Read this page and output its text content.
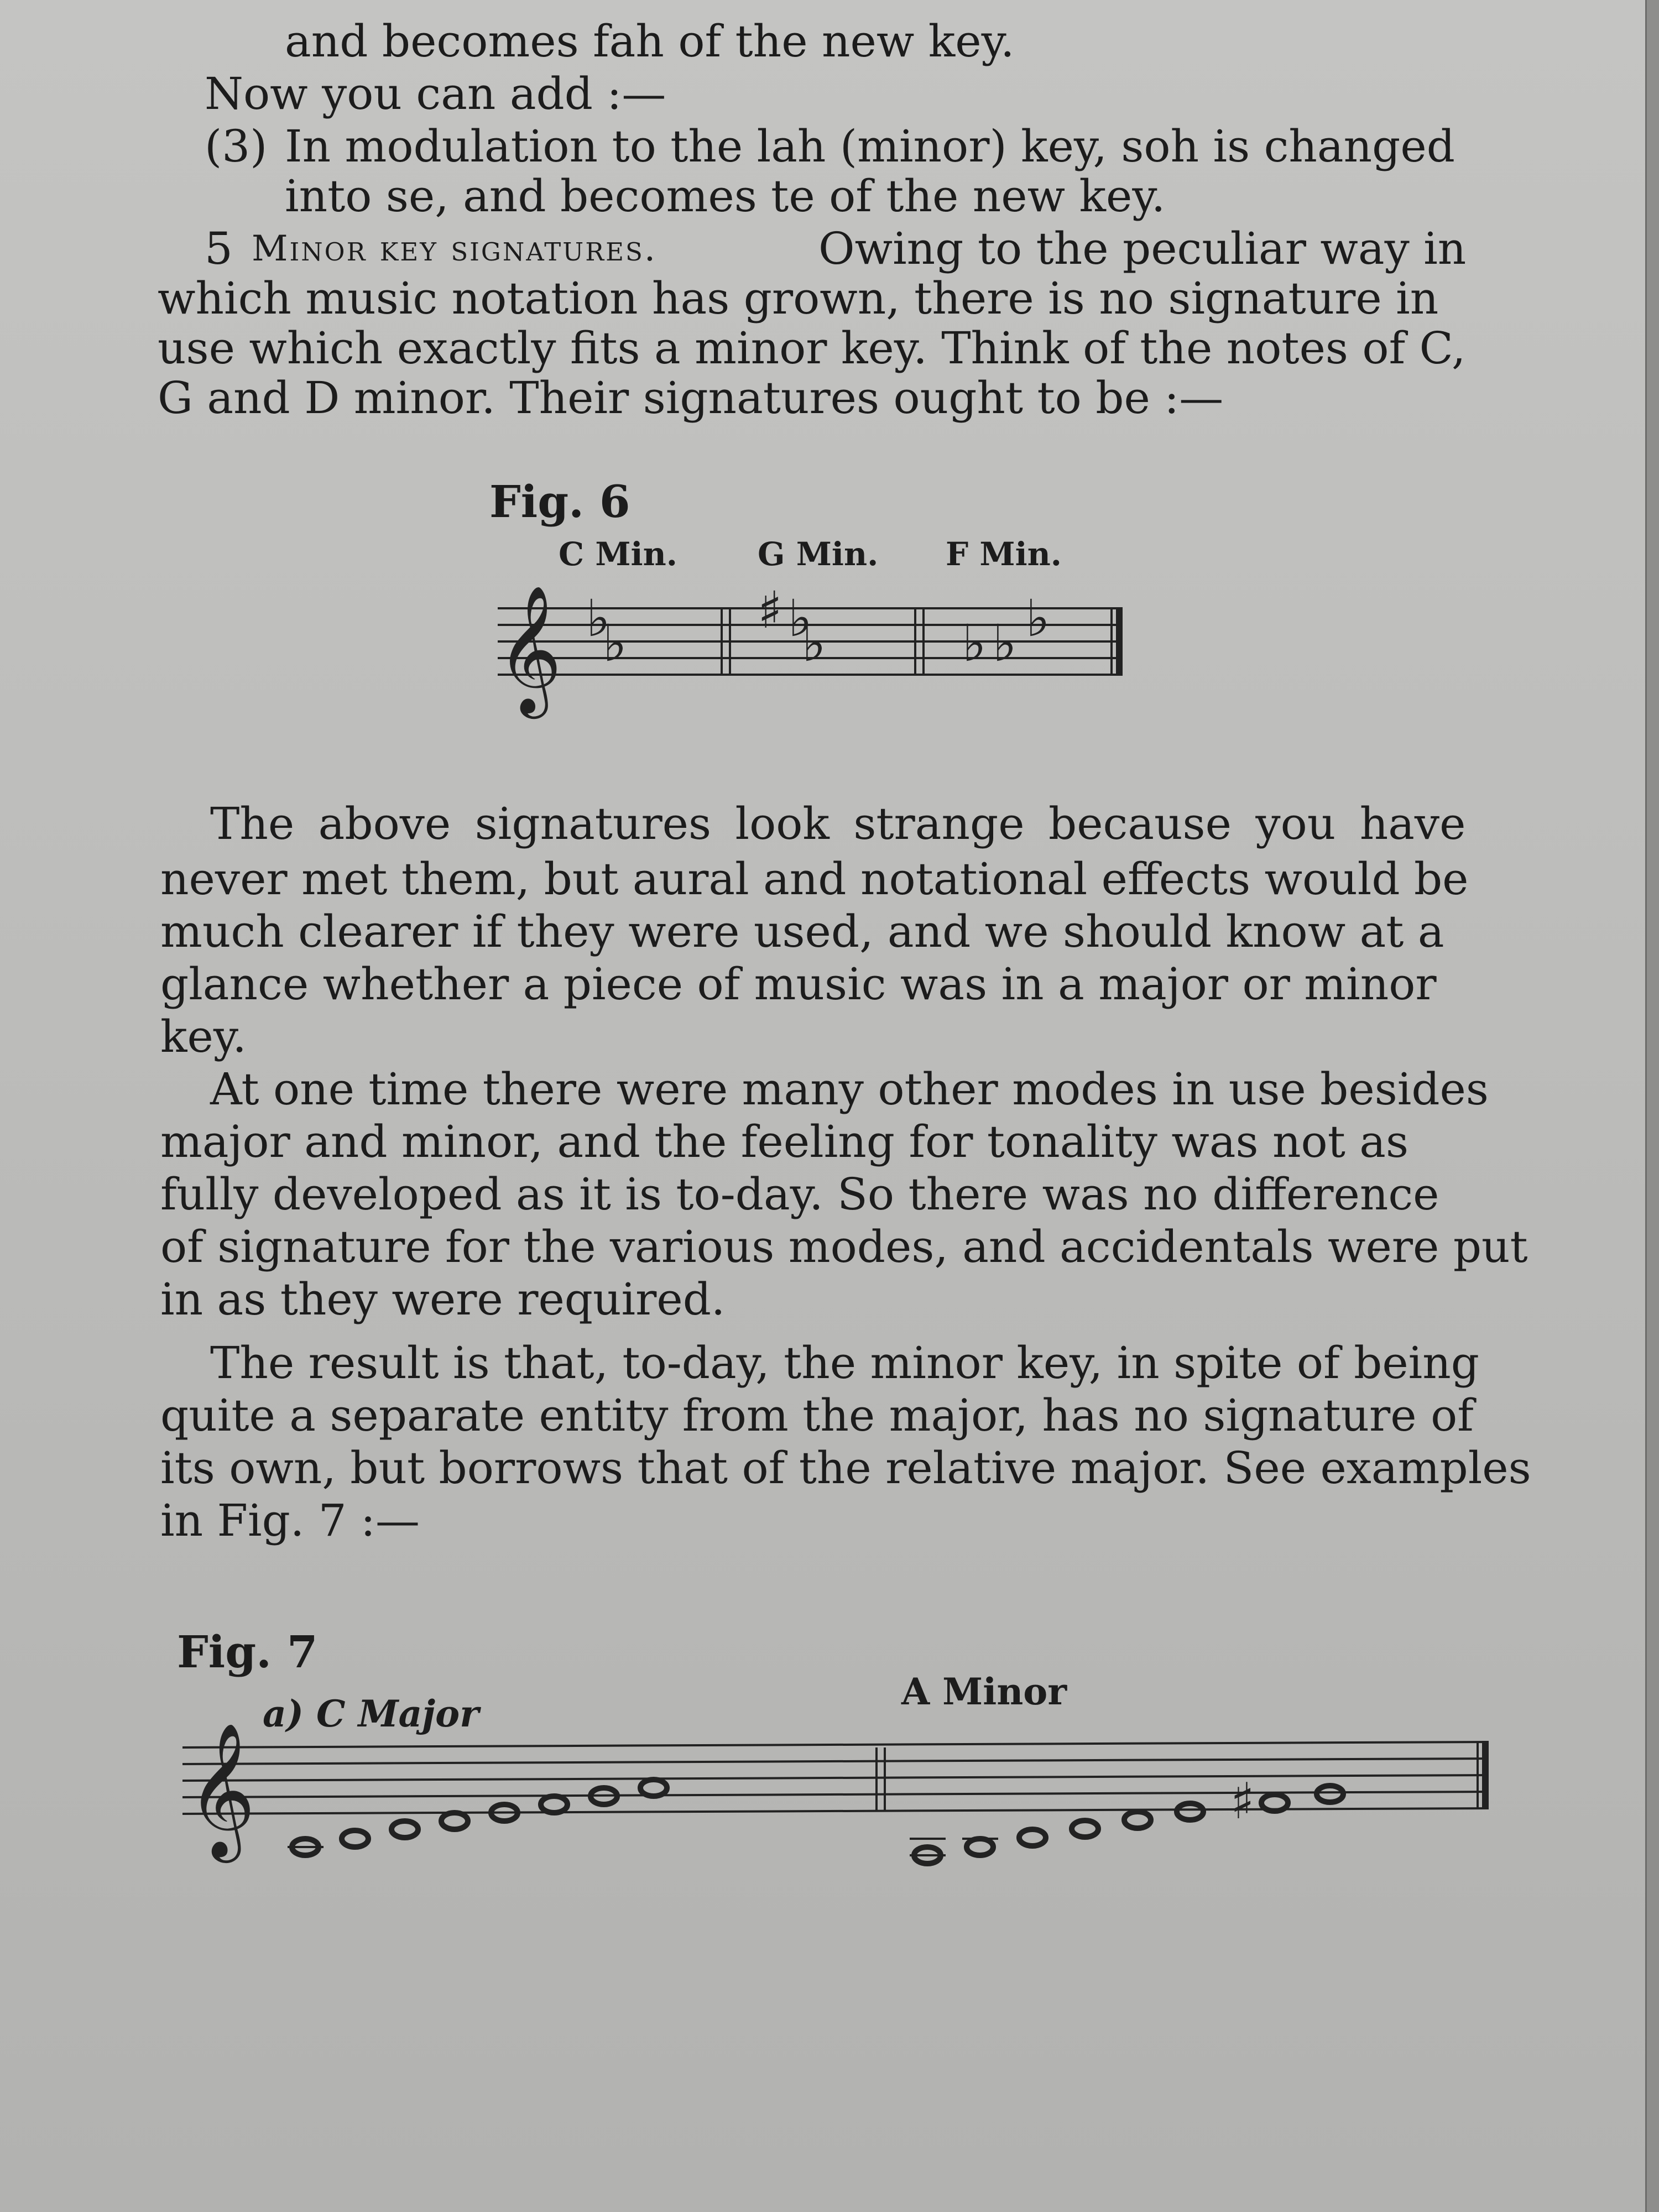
and becomes fah of the new key.

Now you can add :—

(3) In modulation to the lah (minor) key, soh is changed

into se, and becomes te of the new key.

5 Minor key signatures.	Owing to the peculiar way in

which music notation has grown, there is no signature in

use which exactly fits a minor key. Think of the notes of C,

G and D minor. Their signatures ought to be :—

Fig. 6

C Min.	G Min. F Min.

𝄞 ♭
♭
♯ ♭
♭	♭ ♭ ♭

The above signatures look strange because you have

never met them, but aural and notational effects would be

much clearer if they were used, and we should know at a

glance whether a piece of music was in a major or minor

key.

At one time there were many other modes in use besides

major and minor, and the feeling for tonality was not as

fully developed as it is to-day. So there was no difference

of signature for the various modes, and accidentals were put

in as they were required.

The result is that, to-day, the minor key, in spite of being

quite a separate entity from the major, has no signature of

its own, but borrows that of the relative major. See examples

in Fig. 7 :—

Fig. 7

a) C Major

A Minor

𝄞	♯
